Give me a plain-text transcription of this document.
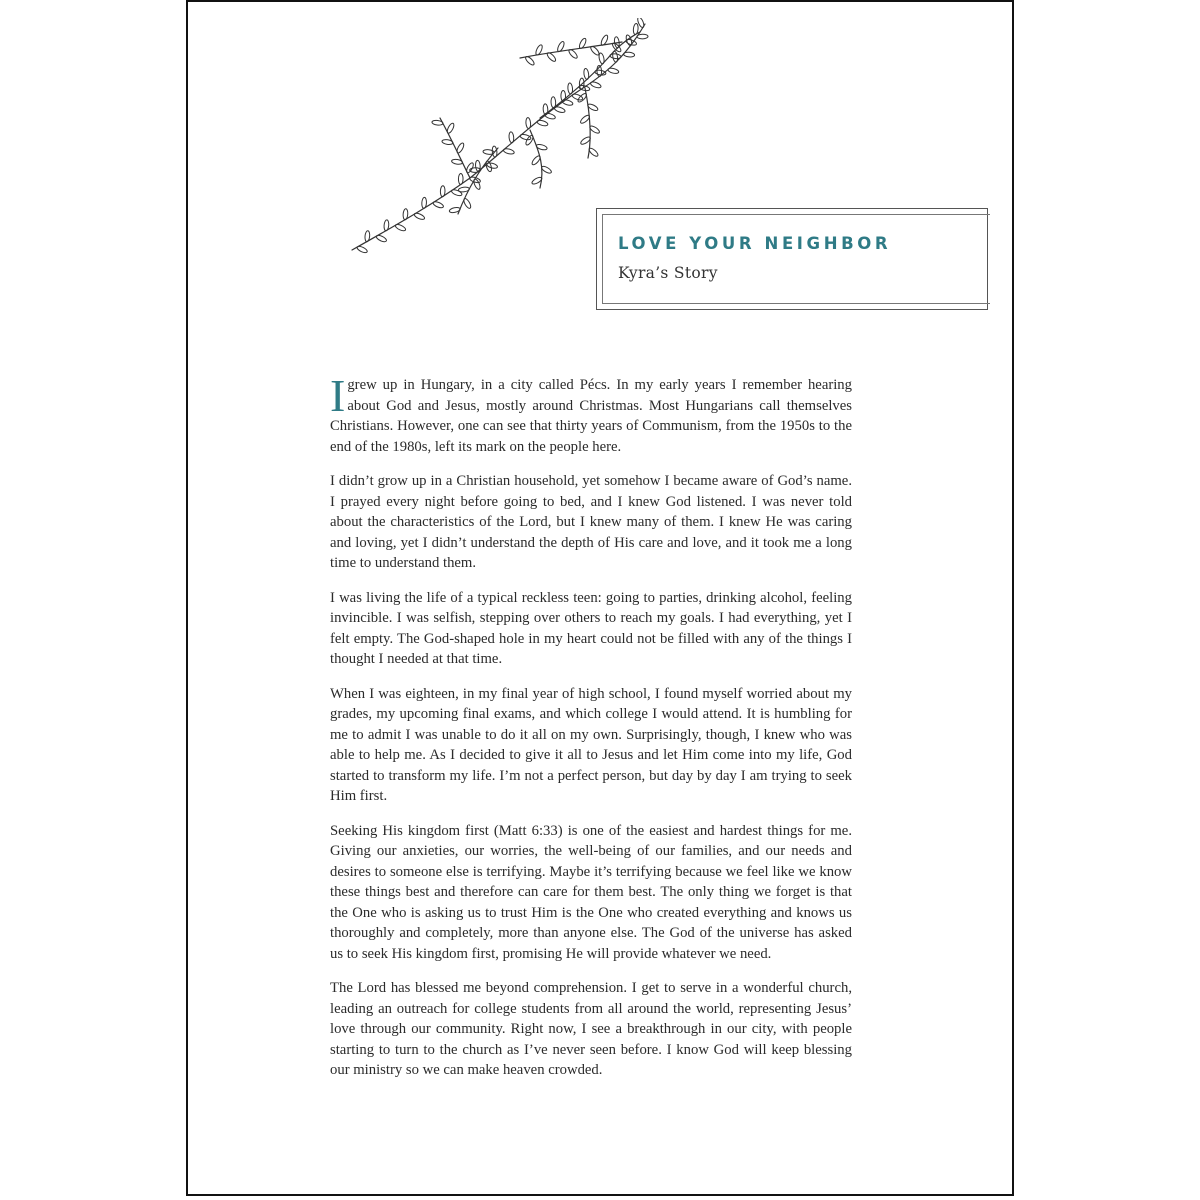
LOVE YOUR NEIGHBOR
Kyra’s Story

Igrew up in Hungary, in a city called Pécs. In my early years I remember hearing about God and Jesus, mostly around Christmas. Most Hungarians call themselves Christians. However, one can see that thirty years of Communism, from the 1950s to the end of the 1980s, left its mark on the people here.

I didn’t grow up in a Christian household, yet somehow I became aware of God’s name. I prayed every night before going to bed, and I knew God listened. I was never told about the characteristics of the Lord, but I knew many of them. I knew He was caring and loving, yet I didn’t understand the depth of His care and love, and it took me a long time to understand them.

I was living the life of a typical reckless teen: going to parties, drinking alcohol, feeling invincible. I was selfish, stepping over others to reach my goals. I had everything, yet I felt empty. The God-shaped hole in my heart could not be filled with any of the things I thought I needed at that time.

When I was eighteen, in my final year of high school, I found myself worried about my grades, my upcoming final exams, and which college I would attend. It is humbling for me to admit I was unable to do it all on my own. Surprisingly, though, I knew who was able to help me. As I decided to give it all to Jesus and let Him come into my life, God started to transform my life. I’m not a perfect person, but day by day I am trying to seek Him first.

Seeking His kingdom first (Matt 6:33) is one of the easiest and hardest things for me. Giving our anxieties, our worries, the well-being of our families, and our needs and desires to someone else is terrifying. Maybe it’s terrifying because we feel like we know these things best and therefore can care for them best. The only thing we forget is that the One who is asking us to trust Him is the One who created everything and knows us thoroughly and completely, more than anyone else. The God of the universe has asked us to seek His kingdom first, promising He will provide whatever we need.

The Lord has blessed me beyond comprehension. I get to serve in a wonderful church, leading an outreach for college students from all around the world, representing Jesus’ love through our community. Right now, I see a breakthrough in our city, with people starting to turn to the church as I’ve never seen before. I know God will keep blessing our ministry so we can make heaven crowded.
